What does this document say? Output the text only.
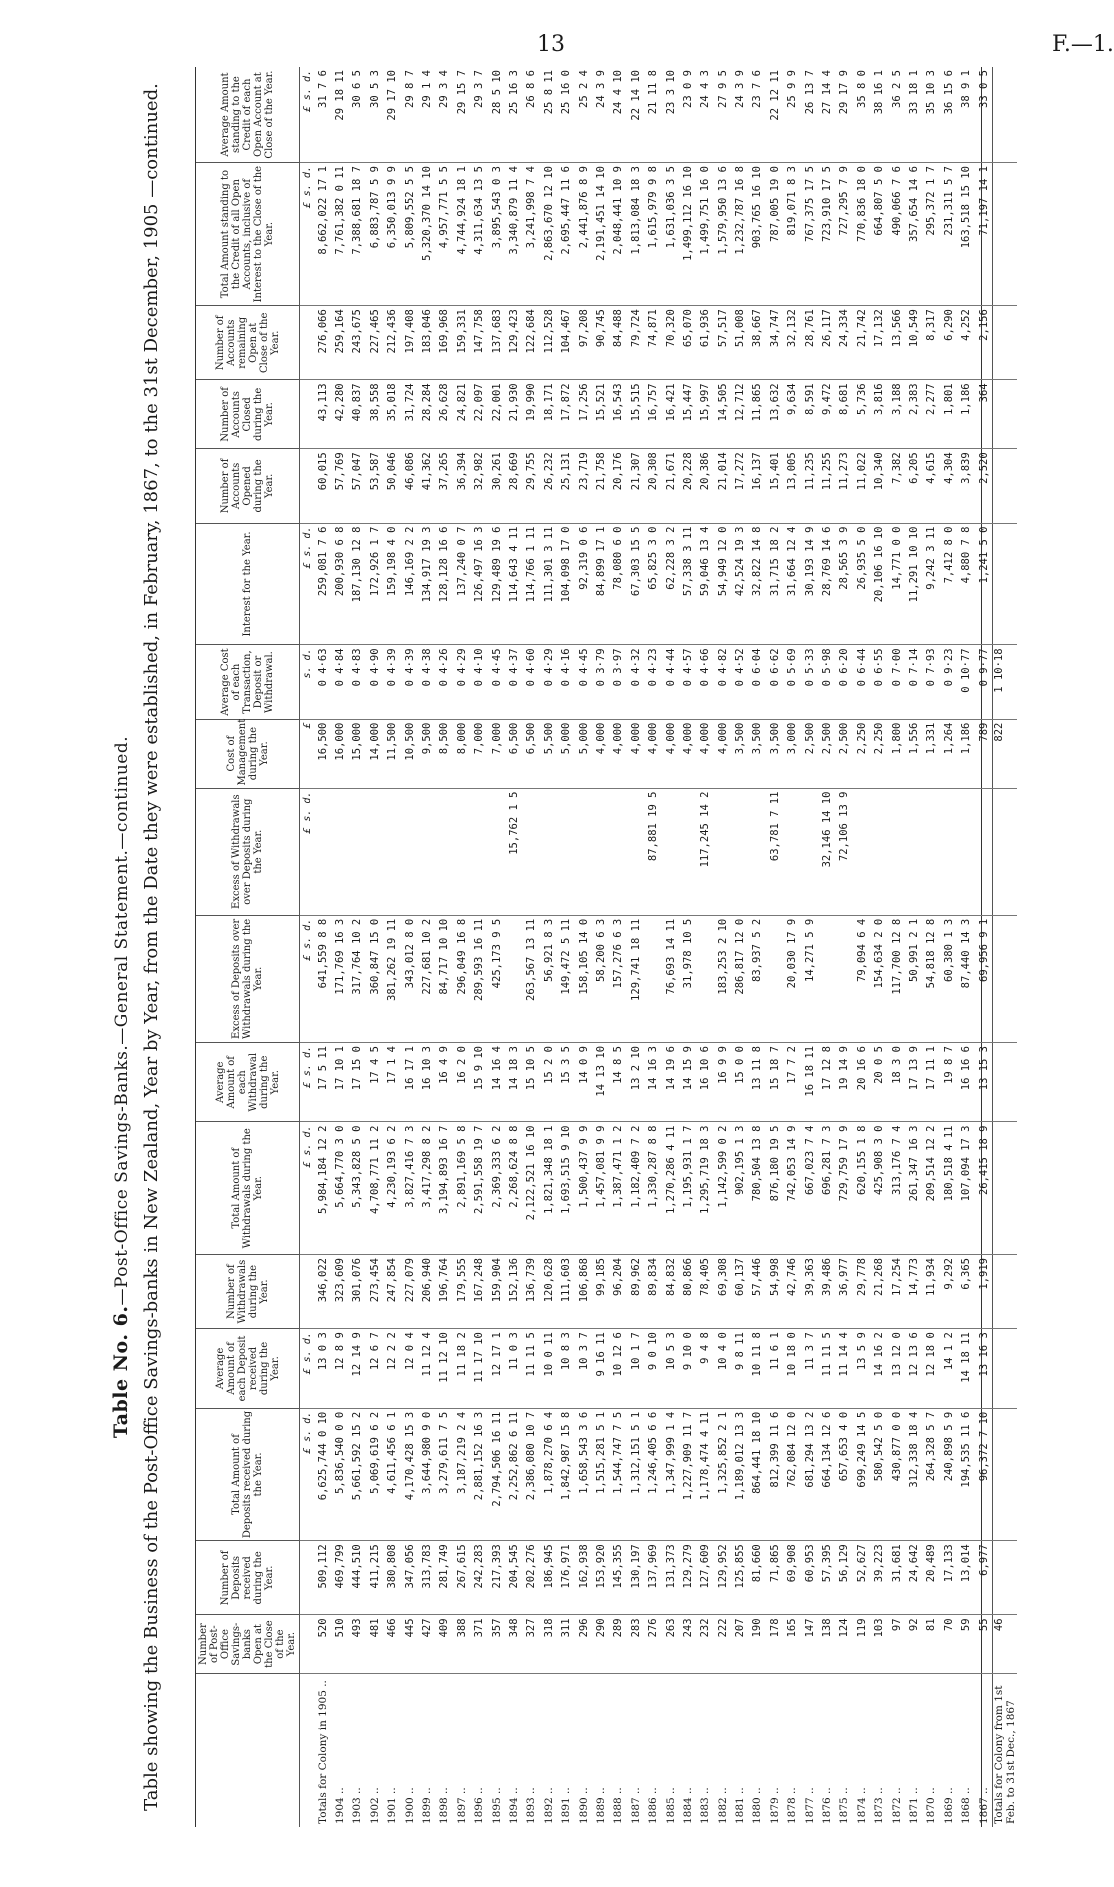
13	F.—1.
Table No. 6.—Post-Office Savings-Banks.—General Statement.—continued. Table showing the Business of the Post-Office Savings-banks in New Zealand, Year by Year, from the Date they were established, in February, 1867, to the 31st December, 1905 —continued.
		Number of Post-Office Savings-banks Open at the Close of the Year.	Number of Deposits received during the Year.	Total Amount of Deposits received during the Year.	Average Amount of each Deposit received during the Year.	Number of Withdrawals during the Year.	Total Amount of Withdrawals during the Year.	Average Amount of each Withdrawal during the Year.	Excess of Deposits over Withdrawals during the Year.	Excess of Withdrawals over Deposits during the Year.	Cost of Management during the Year.	Average Cost of each Transaction, Deposit or Withdrawal.	Interest for the Year.	Number of Accounts Opened during the Year.	Number of Accounts Closed during the Year.	Number of Accounts remaining Open at Close of the Year.	Total Amount standing to the Credit of all Open Accounts, inclusive of Interest to the Close of the Year.	Average Amount standing to the Credit of each Open Account at Close of the Year.
			£ s. d.	£ s. d.		£ s. d.	£ s. d.	£ s. d.	£ s. d.	£	s. d.	£ s. d.				£ s. d.	£ s. d.
Totals for Colony in 1905 ..	520	509,112	6,625,744 0 10	13 0 3	346,022	5,984,184 12 2	17 5 11	641,559 8 8		16,500	0 4·63	259,081 7 6	60,015	43,113	276,066	8,662,022 17 1	31 7 6
1904 ..	510	469,799	5,836,540 0 0	12 8 9	323,609	5,664,770 3 0	17 10 1	171,769 16 3		16,000	0 4·84	200,930 6 8	57,769	42,280	259,164	7,761,382 0 11	29 18 11
1903 ..	493	444,510	5,661,592 15 2	12 14 9	301,076	5,343,828 5 0	17 15 0	317,764 10 2		15,000	0 4·83	187,130 12 8	57,047	40,837	243,675	7,388,681 18 7	30 6 5
1902 ..	481	411,215	5,069,619 6 2	12 6 7	273,454	4,708,771 11 2	17 4 5	360,847 15 0		14,000	0 4·90	172,926 1 7	53,587	38,558	227,465	6,883,787 5 9	30 5 3
1901 ..	466	380,808	4,611,456 6 1	12 2 2	247,854	4,230,193 6 2	17 1 4	381,262 19 11		11,500	0 4·39	159,198 4 0	50,046	35,018	212,436	6,350,013 9 9	29 17 10
1900 ..	445	347,056	4,170,428 15 3	12 0 4	227,079	3,827,416 7 3	16 17 1	343,012 8 0		10,500	0 4·39	146,169 2 2	46,086	31,724	197,408	5,809,552 5 5	29 8 7
1899 ..	427	313,783	3,644,980 9 0	11 12 4	206,940	3,417,298 8 2	16 10 3	227,681 10 2		9,500	0 4·38	134,917 19 3	41,362	28,284	183,046	5,320,370 14 10	29 1 4
1898 ..	409	281,749	3,279,611 7 5	11 12 10	196,764	3,194,893 16 7	16 4 9	84,717 10 10		8,500	0 4·26	128,128 16 6	37,265	26,628	169,968	4,957,771 5 5	29 3 4
1897 ..	388	267,615	3,187,219 2 4	11 18 2	179,555	2,891,169 5 8	16 2 0	296,049 16 8		8,000	0 4·29	137,240 0 7	36,394	24,821	159,331	4,744,924 18 1	29 15 7
1896 ..	371	242,283	2,881,152 16 3	11 17 10	167,248	2,591,558 19 7	15 9 10	289,593 16 11		7,000	0 4·10	126,497 16 3	32,982	22,097	147,758	4,311,634 13 5	29 3 7
1895 ..	357	217,393	2,794,506 16 11	12 17 1	159,904	2,369,333 6 2	14 16 4	425,173 9 5		7,000	0 4·45	129,489 19 6	30,261	22,001	137,683	3,895,543 0 3	28 5 10
1894 ..	348	204,545	2,252,862 6 11	11 0 3	152,136	2,268,624 8 8	14 18 3		15,762 1 5	6,500	0 4·37	114,643 4 11	28,669	21,930	129,423	3,340,879 11 4	25 16 3
1893 ..	327	202,276	2,386,080 10 7	11 11 5	136,739	2,122,521 16 10	15 10 5	263,567 13 11		6,500	0 4·60	114,766 1 11	29,755	19,990	122,684	3,241,998 7 4	26 8 6
1892 ..	318	186,945	1,878,270 6 4	10 0 11	120,628	1,821,348 18 1	15 2 0	56,921 8 3		5,500	0 4·29	111,301 3 11	26,232	18,171	112,528	2,863,670 12 10	25 8 11
1891 ..	311	176,971	1,842,987 15 8	10 8 3	111,603	1,693,515 9 10	15 3 5	149,472 5 11		5,000	0 4·16	104,098 17 0	25,131	17,872	104,467	2,695,447 11 6	25 16 0
1890 ..	296	162,938	1,658,543 3 6	10 3 7	106,868	1,500,437 9 9	14 0 9	158,105 14 0		5,000	0 4·45	92,319 0 6	23,719	17,256	97,208	2,441,876 8 9	25 2 4
1889 ..	290	153,920	1,515,281 5 1	9 16 11	99,185	1,457,081 9 9	14 13 10	58,200 6 3		4,000	0 3·79	84,899 17 1	21,758	15,521	90,745	2,191,451 14 10	24 3 9
1888 ..	289	145,355	1,544,747 7 5	10 12 6	96,204	1,387,471 1 2	14 8 5	157,276 6 3		4,000	0 3·97	78,080 6 0	20,176	16,543	84,488	2,048,441 10 9	24 4 10
1887 ..	283	130,197	1,312,151 5 1	10 1 7	89,962	1,182,409 7 2	13 2 10	129,741 18 11		4,000	0 4·32	67,303 15 5	21,307	15,515	79,724	1,813,084 18 3	22 14 10
1886 ..	276	137,969	1,246,405 6 6	9 0 10	89,834	1,330,287 8 8	14 16 3		87,881 19 5	4,000	0 4·23	65,825 3 0	20,308	16,757	74,871	1,615,979 9 8	21 11 8
1885 ..	263	131,373	1,347,999 1 4	10 5 3	84,832	1,270,286 4 11	14 19 6	76,693 14 11		4,000	0 4·44	62,228 3 2	21,671	16,421	70,320	1,631,036 3 5	23 3 10
1884 ..	243	129,279	1,227,909 11 7	9 10 0	80,866	1,195,931 1 7	14 15 9	31,978 10 5		4,000	0 4·57	57,338 3 11	20,228	15,447	65,070	1,499,112 16 10	23 0 9
1883 ..	232	127,609	1,178,474 4 11	9 4 8	78,405	1,295,719 18 3	16 10 6		117,245 14 2	4,000	0 4·66	59,046 13 4	20,386	15,997	61,936	1,499,751 16 0	24 4 3
1882 ..	222	129,952	1,325,852 2 1	10 4 0	69,308	1,142,599 0 2	16 9 9	183,253 2 10		4,000	0 4·82	54,949 12 0	21,014	14,505	57,517	1,579,950 13 6	27 9 5
1881 ..	207	125,855	1,189,012 13 3	9 8 11	60,137	902,195 1 3	15 0 0	286,817 12 0		3,500	0 4·52	42,524 19 3	17,272	12,712	51,008	1,232,787 16 8	24 3 9
1880 ..	190	81,660	864,441 18 10	10 11 8	57,446	780,504 13 8	13 11 8	83,937 5 2		3,500	0 6·04	32,822 14 8	16,137	11,865	38,667	903,765 16 10	23 7 6
1879 ..	178	71,865	812,399 11 6	11 6 1	54,998	876,180 19 5	15 18 7		63,781 7 11	3,500	0 6·62	31,715 18 2	15,401	13,632	34,747	787,005 19 0	22 12 11
1878 ..	165	69,908	762,084 12 0	10 18 0	42,746	742,053 14 9	17 7 2	20,030 17 9		3,000	0 5·69	31,664 12 4	13,005	9,634	32,132	819,071 8 3	25 9 9
1877 ..	147	60,953	681,294 13 2	11 3 7	39,363	667,023 7 4	16 18 11	14,271 5 9		2,500	0 5·33	30,193 14 9	11,235	8,591	28,761	767,375 17 5	26 13 7
1876 ..	138	57,395	664,134 12 6	11 11 5	39,486	696,281 7 3	17 12 8		32,146 14 10	2,500	0 5·98	28,769 14 6	11,255	9,472	26,117	723,910 17 5	27 14 4
1875 ..	124	56,129	657,653 4 0	11 14 4	36,977	729,759 17 9	19 14 9		72,106 13 9	2,500	0 6·20	28,565 3 9	11,273	8,681	24,334	727,295 7 9	29 17 9
1874 ..	119	52,627	699,249 14 5	13 5 9	29,778	620,155 1 8	20 16 6	79,094 6 4		2,250	0 6·44	26,935 5 0	11,022	5,736	21,742	770,836 18 0	35 8 0
1873 ..	103	39,223	580,542 5 0	14 16 2	21,268	425,908 3 0	20 0 5	154,634 2 0		2,250	0 6·55	20,106 16 10	10,340	3,816	17,132	664,807 5 0	38 16 1
1872 ..	97	31,681	430,877 0 0	13 12 0	17,254	313,176 7 4	18 3 0	117,700 12 8		1,800	0 7·00	14,771 0 0	7,382	3,188	13,566	490,066 7 6	36 2 5
1871 ..	92	24,642	312,338 18 4	12 13 6	14,773	261,347 16 3	17 13 9	50,991 2 1		1,556	0 7·14	11,291 10 10	6,205	2,383	10,549	357,654 14 6	33 18 1
1870 ..	81	20,489	264,328 5 7	12 18 0	11,934	209,514 12 2	17 11 1	54,818 12 8		1,331	0 7·93	9,242 3 11	4,615	2,277	8,317	295,372 1 7	35 10 3
1869 ..	70	17,133	240,898 5 9	14 1 2	9,292	180,518 4 11	19 8 7	60,380 1 3		1,264	0 9·23	7,412 8 0	4,304	1,801	6,290	231,311 5 7	36 15 6
1868 ..	59	13,014	194,535 11 6	14 18 11	6,365	107,094 17 3	16 16 6	87,440 14 3		1,186	0 10·77	4,880 7 8	3,839	1,186	4,252	163,518 15 10	38 9 1
1867 ..	55	6,977	96,372 7 10	13 16 3	1,919	26,415 18 9	13 15 3	69,956 9 1		789	0 9·77	1,241 5 0	2,520	364	2,156	71,197 14 1	33 0 5
Totals for Colony from 1st Feb. to 31st Dec., 1867	46									822	1 10·18						
